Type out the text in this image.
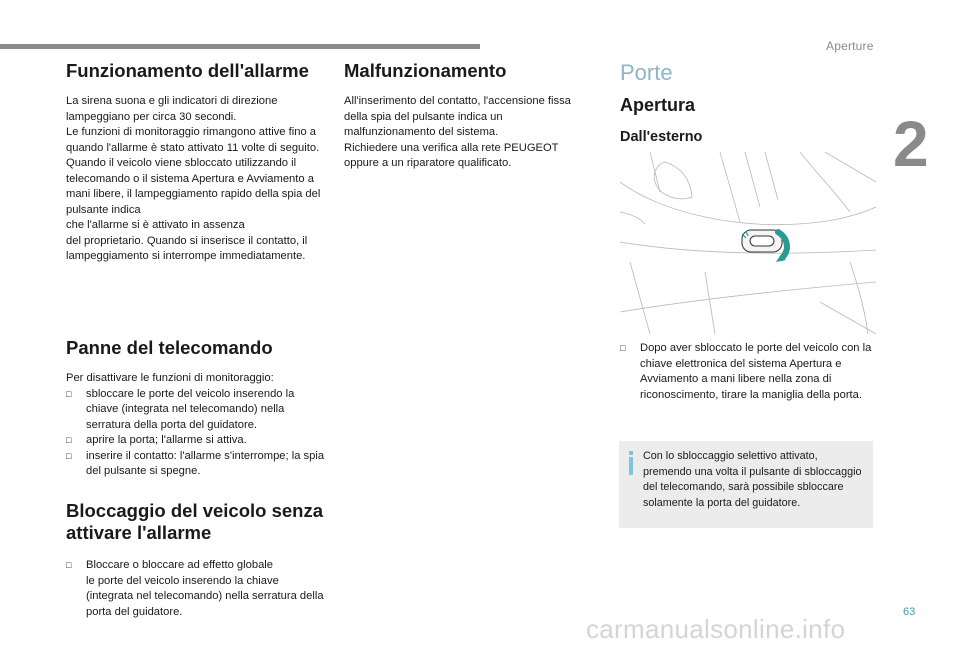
Aperture
2
Funzionamento dell'allarme

La sirena suona e gli indicatori di direzione lampeggiano per circa 30 secondi.
Le funzioni di monitoraggio rimangono attive fino a quando l'allarme è stato attivato 11 volte di seguito.
Quando il veicolo viene sbloccato utilizzando il telecomando o il sistema Apertura e Avviamento a mani libere, il lampeggiamento rapido della spia del pulsante indica
che l'allarme si è attivato in assenza
del proprietario. Quando si inserisce il contatto, il lampeggiamento si interrompe immediatamente.

Panne del telecomando

Per disattivare le funzioni di monitoraggio:

□	sbloccare le porte del veicolo inserendo la chiave (integrata nel telecomando) nella serratura della porta del guidatore.
□	aprire la porta; l'allarme si attiva.
□	inserire il contatto: l'allarme s'interrompe; la spia del pulsante si spegne.
Bloccaggio del veicolo senza attivare l'allarme
□	Bloccare o bloccare ad effetto globale
le porte del veicolo inserendo la chiave (integrata nel telecomando) nella serratura della porta del guidatore.
Malfunzionamento

All'inserimento del contatto, l'accensione fissa della spia del pulsante indica un malfunzionamento del sistema.
Richiedere una verifica alla rete PEUGEOT oppure a un riparatore qualificato.

Porte
Apertura
Dall'esterno
□	Dopo aver sbloccato le porte del veicolo con la chiave elettronica del sistema Apertura e Avviamento a mani libere nella zona di riconoscimento, tirare la maniglia della porta.
Con lo sbloccaggio selettivo attivato, premendo una volta il pulsante di sbloccaggio del telecomando, sarà possibile sbloccare solamente la porta del guidatore.
63
carmanualsonline.info
